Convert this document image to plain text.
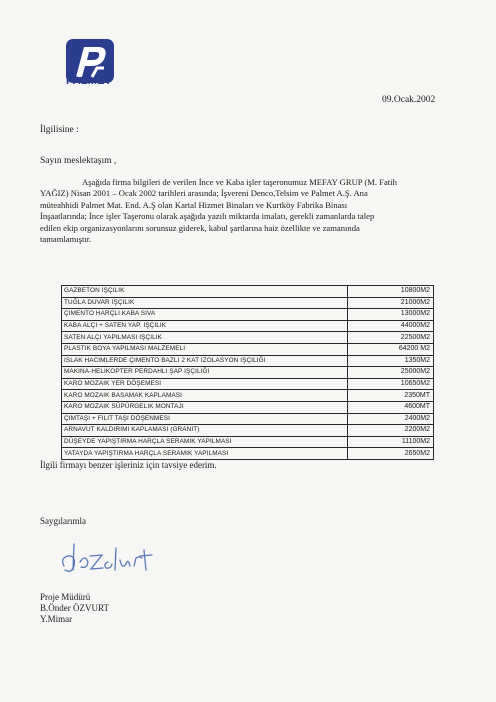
PALMET
09.Ocak.2002
İlgilisine :
Sayın meslektaşım ,
Aşağıda firma bilgileri de verilen İnce ve Kaba işler taşeronumuz MEFAY GRUP (M. Fatih
YAĞIZ) Nisan 2001 – Ocak 2002 tarihleri arasında; İşvereni Denco,Telsim ve Palmet A.Ş. Ana
müteahhidi Palmet Mat. End. A.Ş olan Kartal Hizmet Binaları ve Kurtköy Fabrika Binası
İnşaatlarında; İnce işler Taşeronu olarak aşağıda yazılı miktarda imalatı, gerekli zamanlarda talep
edilen ekip organizasyonlarını sorunsuz giderek, kabul şartlarına haiz özellikte ve zamanında
tamamlamıştır.
GAZBETON IŞÇILIK	10800M2
TUĞLA DUVAR IŞÇILIK	21000M2
ÇIMENTO HARÇLI KABA SIVA	13000M2
KABA ALÇI + SATEN YAP. IŞÇILIK	44000M2
SATEN ALÇI YAPILMASI IŞÇILIK	22500M2
PLASTIK BOYA YAPILMASI MALZEMELI	64200 M2
ISLAK HACIMLERDE ÇIMENTO BAZLI 2 KAT IZOLASYON IŞÇILIĞI	1350M2
MAKINA-HELIKOPTER PERDAHLI ŞAP IŞÇILIĞI	25000M2
KARO MOZAIK YER DÖŞEMESI	10650M2
KARO MOZAIK BASAMAK KAPLAMASI	2350MT
KARO MOZAIK SÜPÜRGELIK MONTAJI	4600MT
ÇIMTAŞI + FILIT TAŞI DÖŞENMESI	2400M2
ARNAVUT KALDIRIMI KAPLAMASI (GRANIT)	2200M2
DÜŞEYDE YAPIŞTIRMA HARÇLA SERAMIK YAPILMASI	11100M2
YATAYDA YAPIŞTIRMA HARÇLA SERAMIK YAPILMASI	2650M2
İlgili firmayı benzer işleriniz için tavsiye ederim.
Saygılarımla
Proje Müdürü
B.Önder ÖZVURT
Y.Mimar
